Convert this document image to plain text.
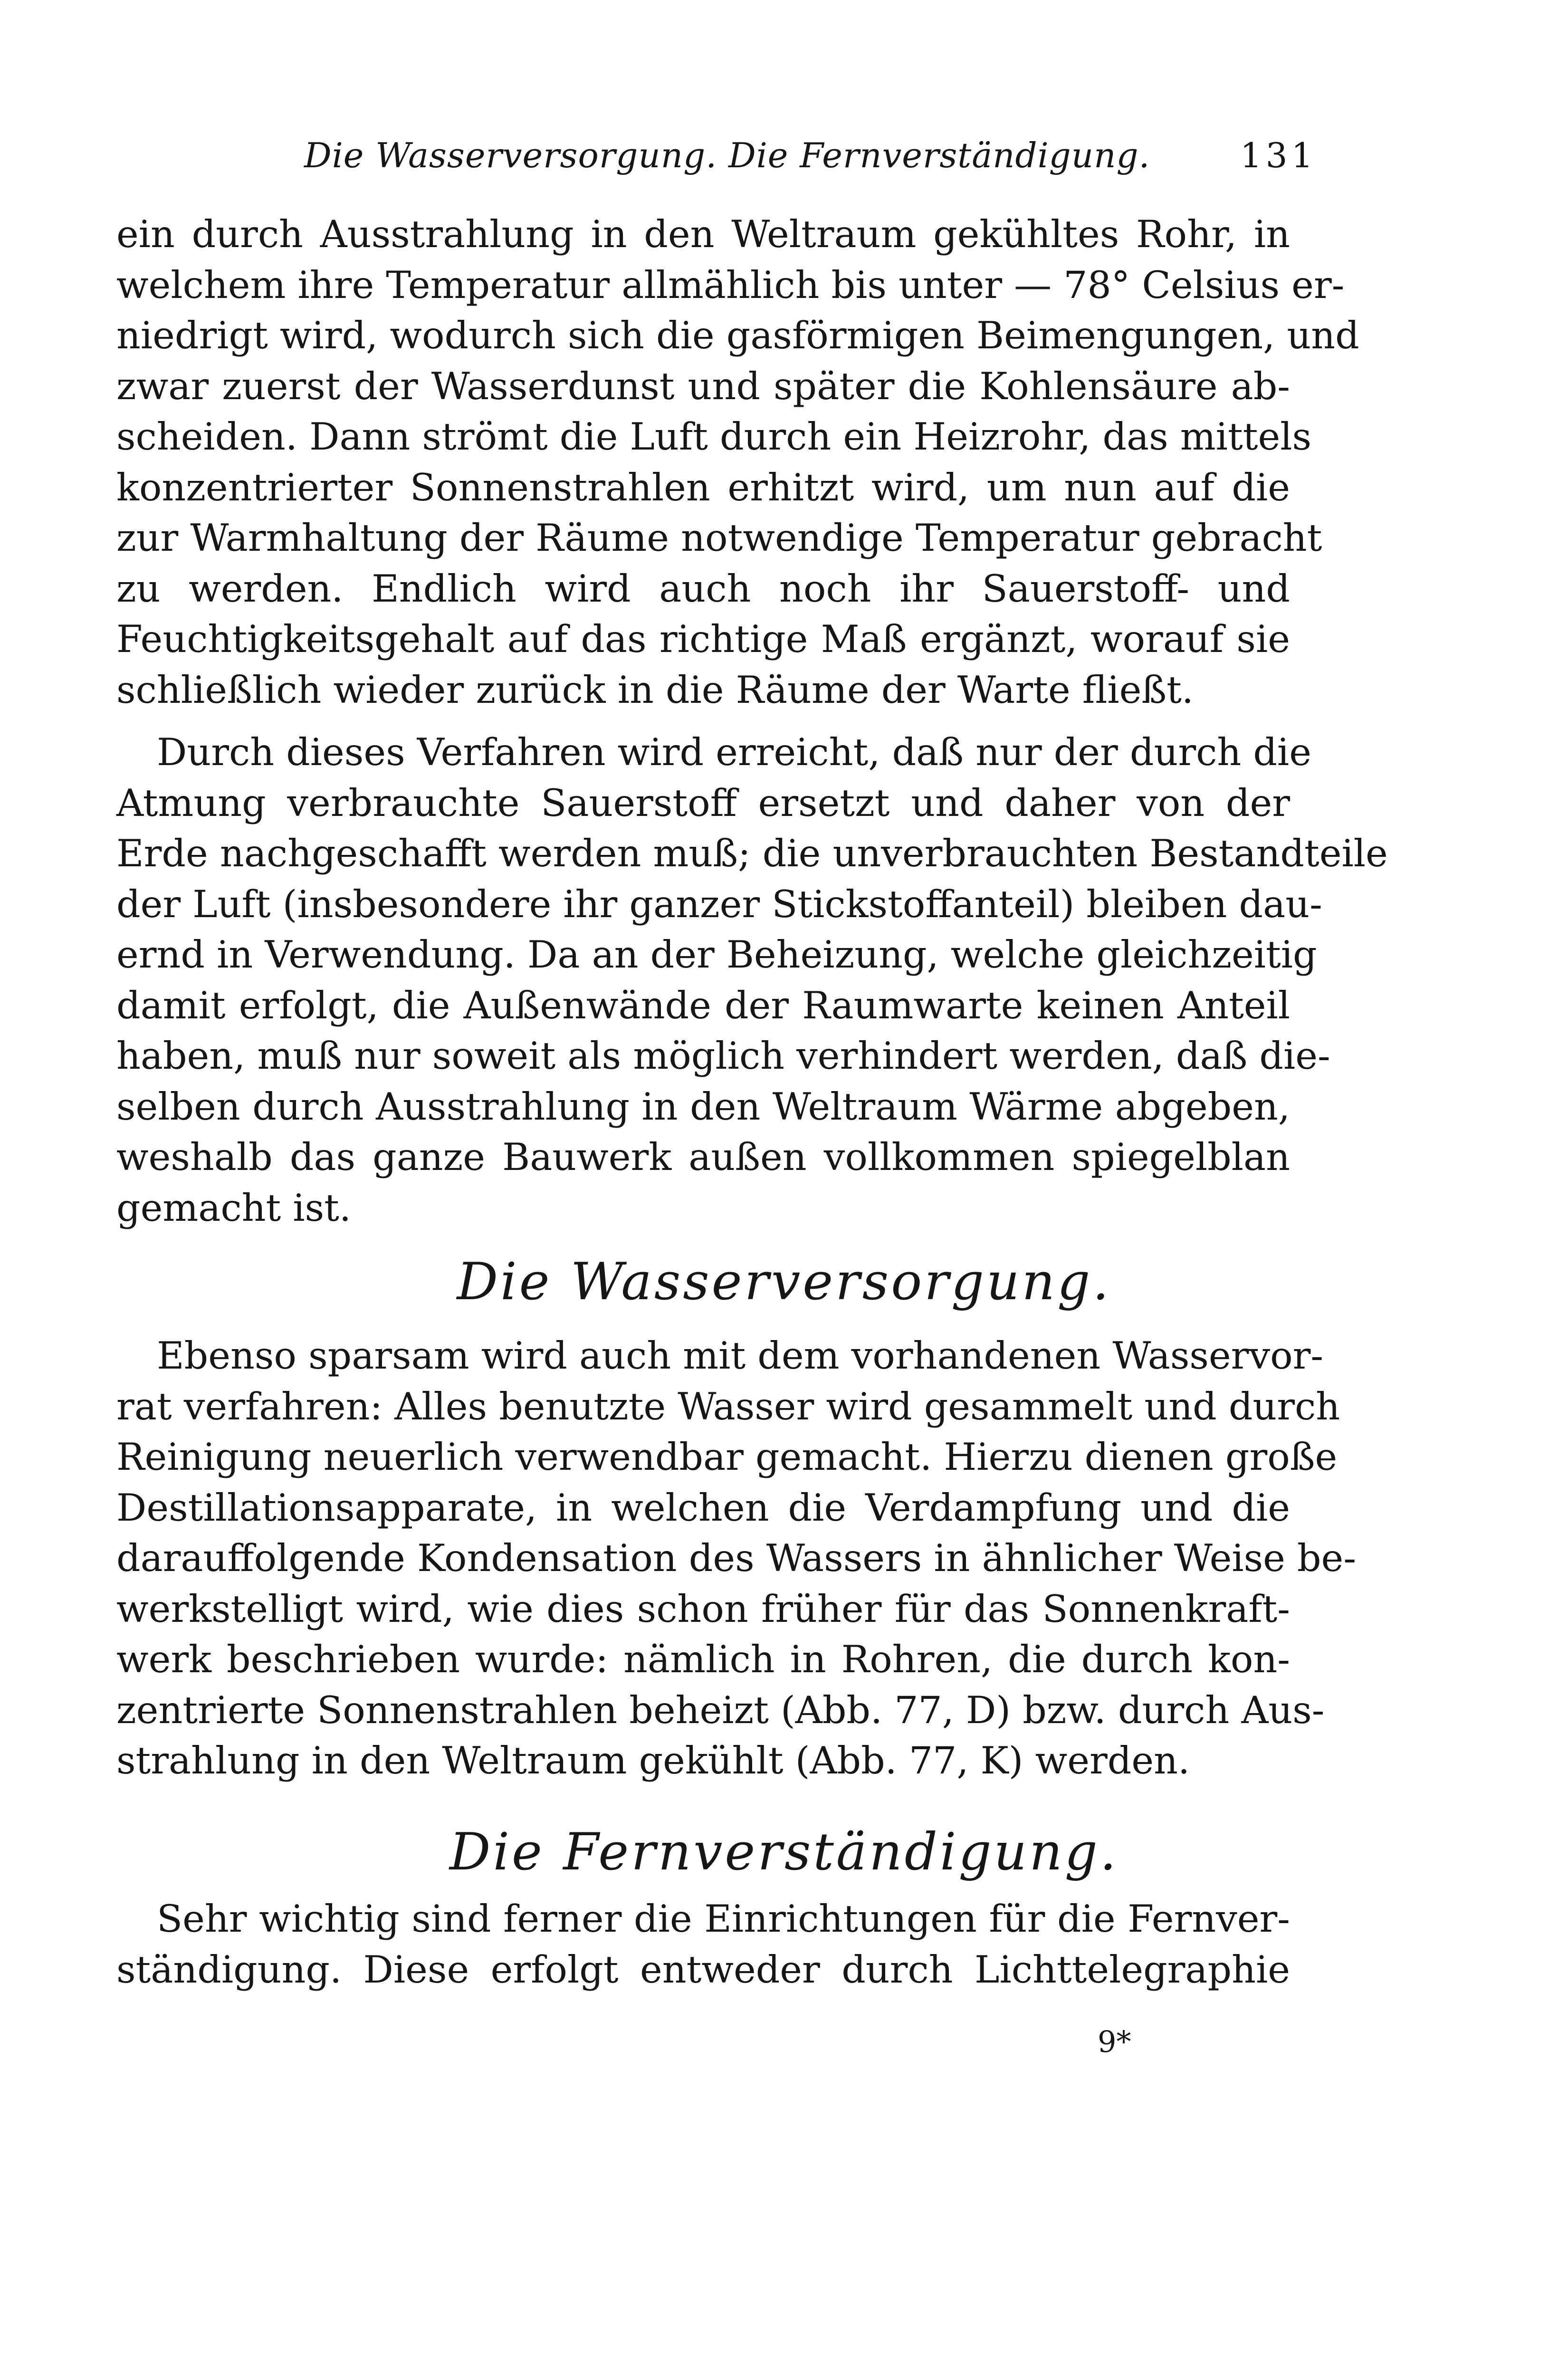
Die Wasserversorgung. Die Fernverständigung.	131
ein durch Ausstrahlung in den Weltraum gekühltes Rohr, in
welchem ihre Temperatur allmählich bis unter — 78° Celsius er-
niedrigt wird, wodurch sich die gasförmigen Beimengungen, und
zwar zuerst der Wasserdunst und später die Kohlensäure ab-
scheiden. Dann strömt die Luft durch ein Heizrohr, das mittels
konzentrierter Sonnenstrahlen erhitzt wird, um nun auf die
zur Warmhaltung der Räume notwendige Temperatur gebracht
zu werden. Endlich wird auch noch ihr Sauerstoff- und
Feuchtigkeitsgehalt auf das richtige Maß ergänzt, worauf sie
schließlich wieder zurück in die Räume der Warte fließt.
Durch dieses Verfahren wird erreicht, daß nur der durch die
Atmung verbrauchte Sauerstoff ersetzt und daher von der
Erde nachgeschafft werden muß; die unverbrauchten Bestandteile
der Luft (insbesondere ihr ganzer Stickstoffanteil) bleiben dau-
ernd in Verwendung. Da an der Beheizung, welche gleichzeitig
damit erfolgt, die Außenwände der Raumwarte keinen Anteil
haben, muß nur soweit als möglich verhindert werden, daß die-
selben durch Ausstrahlung in den Weltraum Wärme abgeben,
weshalb das ganze Bauwerk außen vollkommen spiegelblan
gemacht ist.
Die Wasserversorgung.
Ebenso sparsam wird auch mit dem vorhandenen Wasservor-
rat verfahren: Alles benutzte Wasser wird gesammelt und durch
Reinigung neuerlich verwendbar gemacht. Hierzu dienen große
Destillationsapparate, in welchen die Verdampfung und die
darauffolgende Kondensation des Wassers in ähnlicher Weise be-
werkstelligt wird, wie dies schon früher für das Sonnenkraft-
werk beschrieben wurde: nämlich in Rohren, die durch kon-
zentrierte Sonnenstrahlen beheizt (Abb. 77, D) bzw. durch Aus-
strahlung in den Weltraum gekühlt (Abb. 77, K) werden.
Die Fernverständigung.
Sehr wichtig sind ferner die Einrichtungen für die Fernver-
ständigung. Diese erfolgt entweder durch Lichttelegraphie
9*
